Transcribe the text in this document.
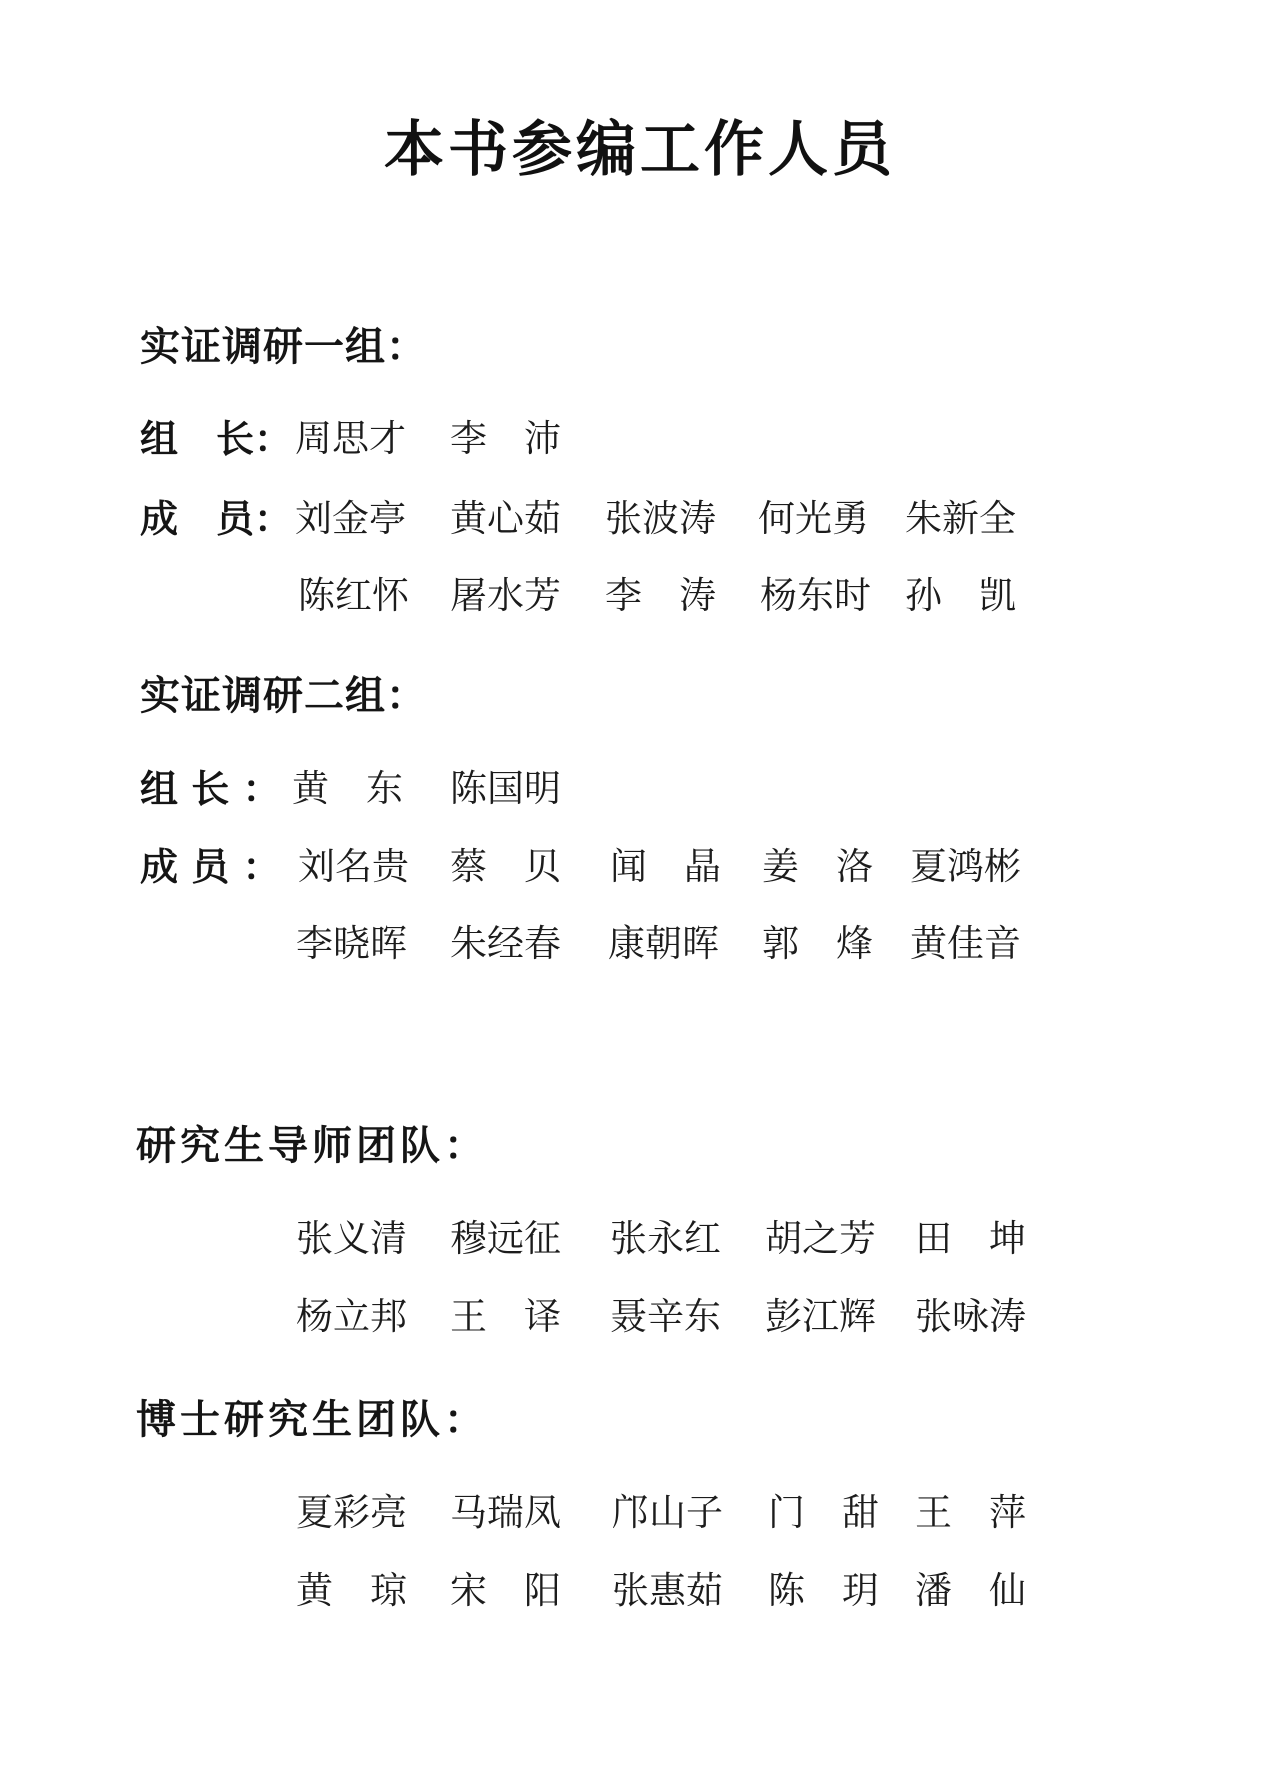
本书参编工作人员
实证调研一组：
组　长： 周思才 李　沛
成　员： 刘金亭 黄心茹 张波涛 何光勇 朱新全
陈红怀 屠水芳 李　涛 杨东时 孙　凯
实证调研二组：
组 长 ： 黄　东 陈国明
成 员 ： 刘名贵 蔡　贝 闻　晶 姜　洛 夏鸿彬
李晓晖 朱经春 康朝晖 郭　烽 黄佳音
研究生导师团队：
张义清 穆远征 张永红 胡之芳 田　坤
杨立邦 王　译 聂辛东 彭江辉 张咏涛
博士研究生团队：
夏彩亮 马瑞凤 邝山子 门　甜 王　萍
黄　琼 宋　阳 张惠茹 陈　玥 潘　仙
